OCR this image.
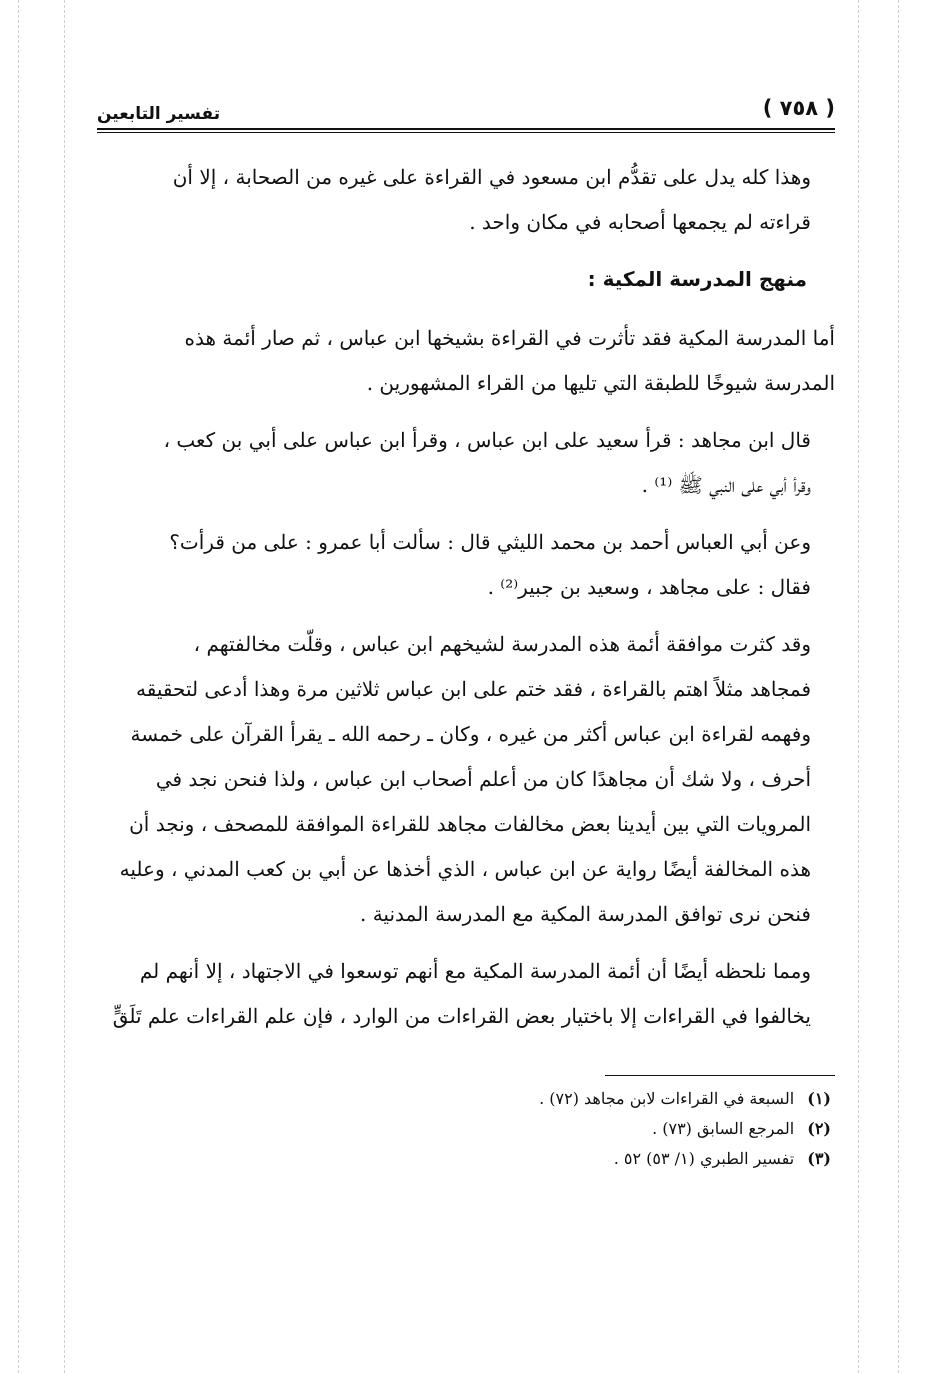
( ٧٥٨ )
تفسير التابعين
وهذا كله يدل على تقدُّم ابن مسعود في القراءة على غيره من الصحابة ، إلا أن
قراءته لم يجمعها أصحابه في مكان واحد .
منهج المدرسة المكية :
أما المدرسة المكية فقد تأثرت في القراءة بشيخها ابن عباس ، ثم صار أئمة هذه
المدرسة شيوخًا للطبقة التي تليها من القراء المشهورين .
قال ابن مجاهد : قرأ سعيد على ابن عباس ، وقرأ ابن عباس على أبي بن كعب ،
وقرأ أبي على النبي ﷺ ⁽¹⁾ .
وعن أبي العباس أحمد بن محمد الليثي قال : سألت أبا عمرو : على من قرأت؟
فقال : على مجاهد ، وسعيد بن جبير⁽²⁾ .
وقد كثرت موافقة أئمة هذه المدرسة لشيخهم ابن عباس ، وقلّت مخالفتهم ،
فمجاهد مثلاً اهتم بالقراءة ، فقد ختم على ابن عباس ثلاثين مرة وهذا أدعى لتحقيقه
وفهمه لقراءة ابن عباس أكثر من غيره ، وكان ـ رحمه الله ـ يقرأ القرآن على خمسة
أحرف ، ولا شك أن مجاهدًا كان من أعلم أصحاب ابن عباس ، ولذا فنحن نجد في
المرويات التي بين أيدينا بعض مخالفات مجاهد للقراءة الموافقة للمصحف ، ونجد أن
هذه المخالفة أيضًا رواية عن ابن عباس ، الذي أخذها عن أبي بن كعب المدني ، وعليه
فنحن نرى توافق المدرسة المكية مع المدرسة المدنية .
ومما نلحظه أيضًا أن أئمة المدرسة المكية مع أنهم توسعوا في الاجتهاد ، إلا أنهم لم
يخالفوا في القراءات إلا باختيار بعض القراءات من الوارد ، فإن علم القراءات علم تَلَقٍّ
(١) السبعة في القراءات لابن مجاهد (٧٢) .
(٢) المرجع السابق (٧٣) .
(٣) تفسير الطبري (١/ ٥٣) ٥٢ .
